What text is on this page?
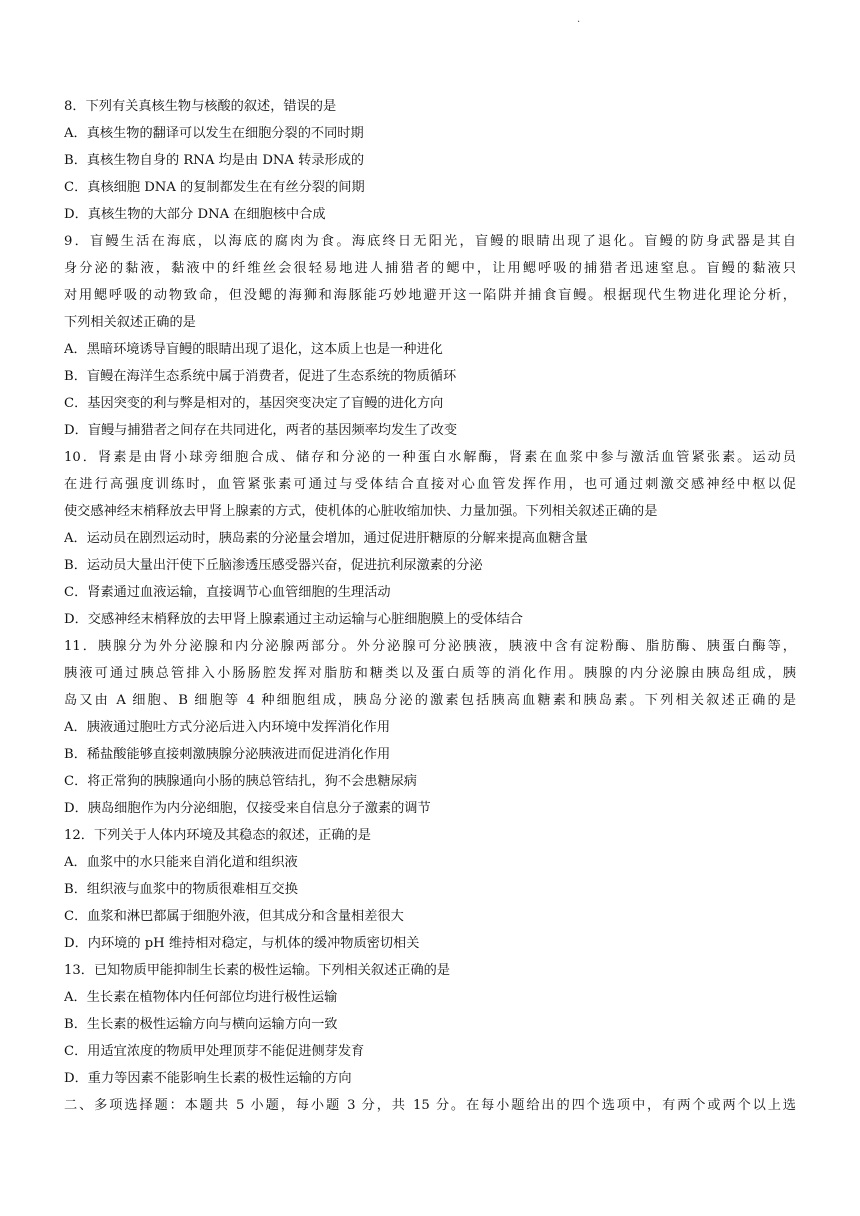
.
8．下列有关真核生物与核酸的叙述，错误的是
A．真核生物的翻译可以发生在细胞分裂的不同时期
B．真核生物自身的 RNA 均是由 DNA 转录形成的
C．真核细胞 DNA 的复制都发生在有丝分裂的间期
D．真核生物的大部分 DNA 在细胞核中合成
9．盲鳗生活在海底，以海底的腐肉为食。海底终日无阳光，盲鳗的眼睛出现了退化。盲鳗的防身武器是其自
身分泌的黏液，黏液中的纤维丝会很轻易地进人捕猎者的鳃中，让用鳃呼吸的捕猎者迅速窒息。盲鳗的黏液只
对用鳃呼吸的动物致命，但没鳃的海狮和海豚能巧妙地避开这一陷阱并捕食盲鳗。根据现代生物进化理论分析，
下列相关叙述正确的是
A．黑暗环境诱导盲鳗的眼睛出现了退化，这本质上也是一种进化
B．盲鳗在海洋生态系统中属于消费者，促进了生态系统的物质循环
C．基因突变的利与弊是相对的，基因突变决定了盲鳗的进化方向
D．盲鳗与捕猎者之间存在共同进化，两者的基因频率均发生了改变
10．肾素是由肾小球旁细胞合成、储存和分泌的一种蛋白水解酶，肾素在血浆中参与激活血管紧张素。运动员
在进行高强度训练时，血管紧张素可通过与受体结合直接对心血管发挥作用，也可通过刺激交感神经中枢以促
使交感神经末梢释放去甲肾上腺素的方式，使机体的心脏收缩加快、力量加强。下列相关叙述正确的是
A．运动员在剧烈运动时，胰岛素的分泌量会增加，通过促进肝糖原的分解来提高血糖含量
B．运动员大量出汗使下丘脑渗透压感受器兴奋，促进抗利尿激素的分泌
C．肾素通过血液运输，直接调节心血管细胞的生理活动
D．交感神经末梢释放的去甲肾上腺素通过主动运输与心脏细胞膜上的受体结合
11．胰腺分为外分泌腺和内分泌腺两部分。外分泌腺可分泌胰液，胰液中含有淀粉酶、脂肪酶、胰蛋白酶等，
胰液可通过胰总管排入小肠肠腔发挥对脂肪和糖类以及蛋白质等的消化作用。胰腺的内分泌腺由胰岛组成，胰
岛又由 A 细胞、B 细胞等 4 种细胞组成，胰岛分泌的激素包括胰高血糖素和胰岛素。下列相关叙述正确的是
A．胰液通过胞吐方式分泌后进入内环境中发挥消化作用
B．稀盐酸能够直接刺激胰腺分泌胰液进而促进消化作用
C．将正常狗的胰腺通向小肠的胰总管结扎，狗不会患糖尿病
D．胰岛细胞作为内分泌细胞，仅接受来自信息分子激素的调节
12．下列关于人体内环境及其稳态的叙述，正确的是
A．血浆中的水只能来自消化道和组织液
B．组织液与血浆中的物质很难相互交换
C．血浆和淋巴都属于细胞外液，但其成分和含量相差很大
D．内环境的 pH 维持相对稳定，与机体的缓冲物质密切相关
13．已知物质甲能抑制生长素的极性运输。下列相关叙述正确的是
A．生长素在植物体内任何部位均进行极性运输
B．生长素的极性运输方向与横向运输方向一致
C．用适宜浓度的物质甲处理顶芽不能促进侧芽发育
D．重力等因素不能影响生长素的极性运输的方向
二、多项选择题：本题共 5 小题，每小题 3 分，共 15 分。在每小题给出的四个选项中，有两个或两个以上选
